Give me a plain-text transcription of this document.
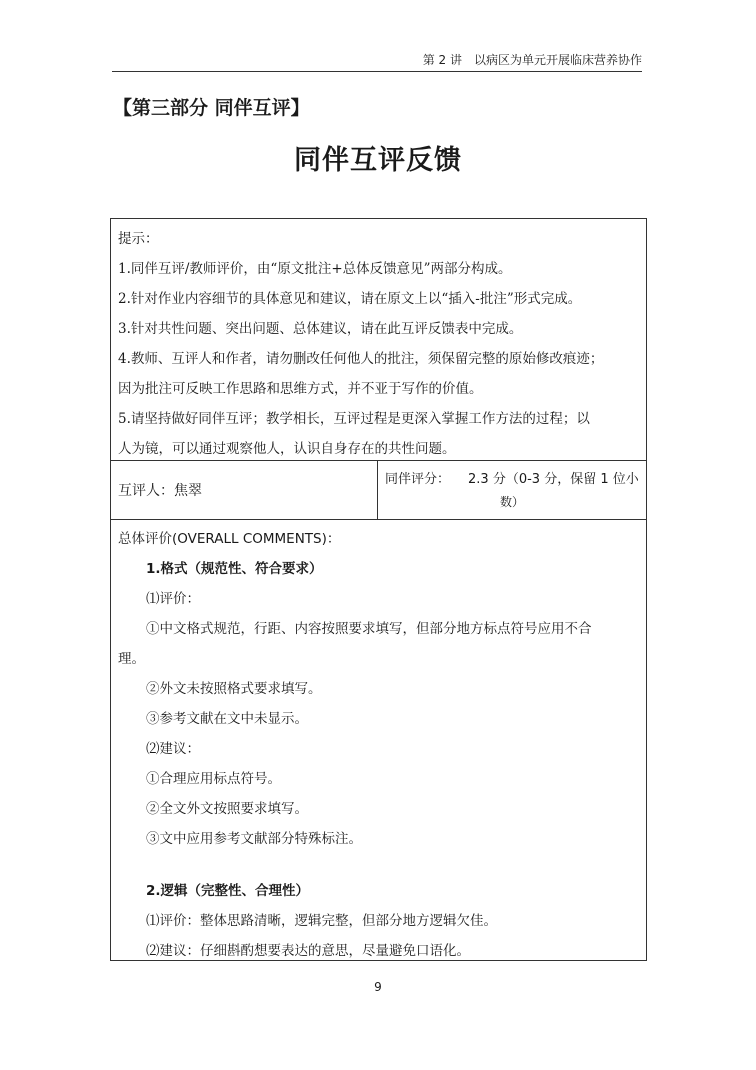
第 2 讲　以病区为单元开展临床营养协作
【第三部分 同伴互评】
同伴互评反馈
提示：
1.同伴互评/教师评价，由“原文批注+总体反馈意见”两部分构成。
2.针对作业内容细节的具体意见和建议，请在原文上以“插入-批注”形式完成。
3.针对共性问题、突出问题、总体建议，请在此互评反馈表中完成。
4.教师、互评人和作者，请勿删改任何他人的批注，须保留完整的原始修改痕迹；
因为批注可反映工作思路和思维方式，并不亚于写作的价值。
5.请坚持做好同伴互评；教学相长，互评过程是更深入掌握工作方法的过程；以
人为镜，可以通过观察他人，认识自身存在的共性问题。
互评人：焦翠
同伴评分： 2.3 分（0-3 分，保留 1 位小
数）
总体评价(OVERALL COMMENTS)：
1.格式（规范性、符合要求）
⑴评价：
①中文格式规范，行距、内容按照要求填写，但部分地方标点符号应用不合
理。
②外文未按照格式要求填写。
③参考文献在文中未显示。
⑵建议：
①合理应用标点符号。
②全文外文按照要求填写。
③文中应用参考文献部分特殊标注。
2.逻辑（完整性、合理性）
⑴评价：整体思路清晰，逻辑完整，但部分地方逻辑欠佳。
⑵建议：仔细斟酌想要表达的意思，尽量避免口语化。
9
